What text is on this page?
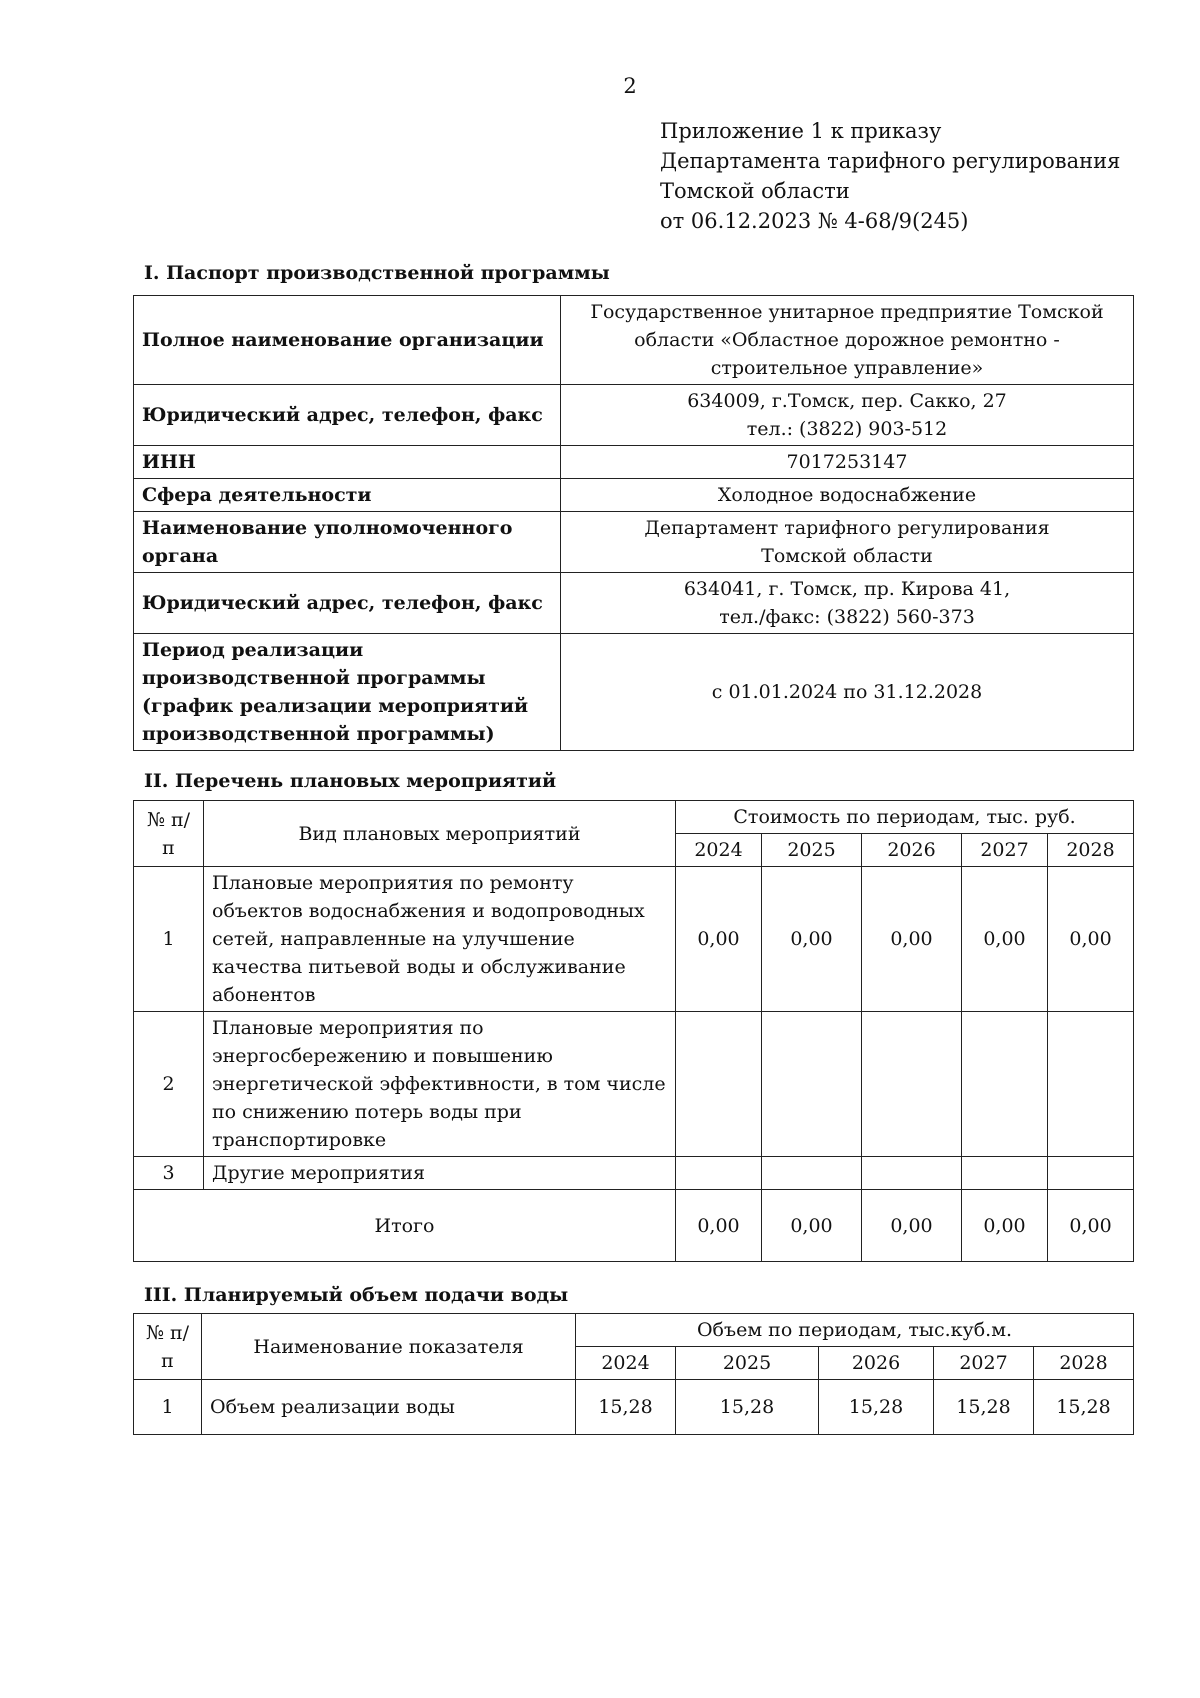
2
Приложение 1 к приказу
Департамента тарифного регулирования
Томской области
от 06.12.2023 № 4-68/9(245)
I. Паспорт производственной программы
Полное наименование организации	Государственное унитарное предприятие Томской
области «Областное дорожное ремонтно -
строительное управление»

Юридический адрес, телефон, факс	634009, г.Томск, пер. Сакко, 27
тел.: (3822) 903-512

ИНН	7017253147
Сфера деятельности	Холодное водоснабжение
Наименование уполномоченного органа	Департамент тарифного регулирования
Томской области

Юридический адрес, телефон, факс	634041, г. Томск, пр. Кирова 41,
тел./факс: (3822) 560-373

Период реализации производственной программы (график реализации мероприятий производственной программы)	с 01.01.2024 по 31.12.2028
II. Перечень плановых мероприятий
№ п/п	Вид плановых мероприятий	Стоимость по периодам, тыс. руб.				
		2024	2025	2026	2027	2028
1	Плановые мероприятия по ремонту объектов водоснабжения и водопроводных сетей, направленные на улучшение качества питьевой воды и обслуживание абонентов	0,00	0,00	0,00	0,00	0,00
2	Плановые мероприятия по энергосбережению и повышению энергетической эффективности, в том числе по снижению потерь воды при транспортировке					
3	Другие мероприятия					
Итого		0,00	0,00	0,00	0,00	0,00
III. Планируемый объем подачи воды
№ п/п	Наименование показателя	Объем по периодам, тыс.куб.м.				
		2024	2025	2026	2027	2028
1	Объем реализации воды	15,28	15,28	15,28	15,28	15,28
